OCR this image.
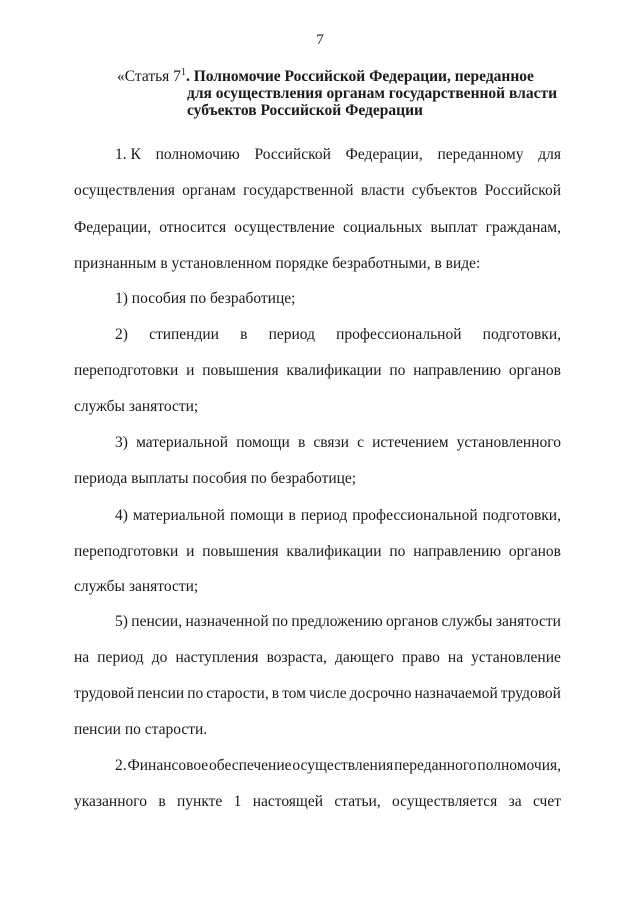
7
«Статья $7^1$. Полномочие Российской Федерации, переданное
для осуществления органам государственной власти
субъектов Российской Федерации
1. К полномочию Российской Федерации, переданному для
осуществления органам государственной власти субъектов Российской
Федерации, относится осуществление социальных выплат гражданам,
признанным в установленном порядке безработными, в виде:
1) пособия по безработице;
2) стипендии в период профессиональной подготовки,
переподготовки и повышения квалификации по направлению органов
службы занятости;
3) материальной помощи в связи с истечением установленного
периода выплаты пособия по безработице;
4) материальной помощи в период профессиональной подготовки,
переподготовки и повышения квалификации по направлению органов
службы занятости;
5) пенсии, назначенной по предложению органов службы занятости
на период до наступления возраста, дающего право на установление
трудовой пенсии по старости, в том числе досрочно назначаемой трудовой
пенсии по старости.
2. Финансовое обеспечение осуществления переданного полномочия,
указанного в пункте 1 настоящей статьи, осуществляется за счет
